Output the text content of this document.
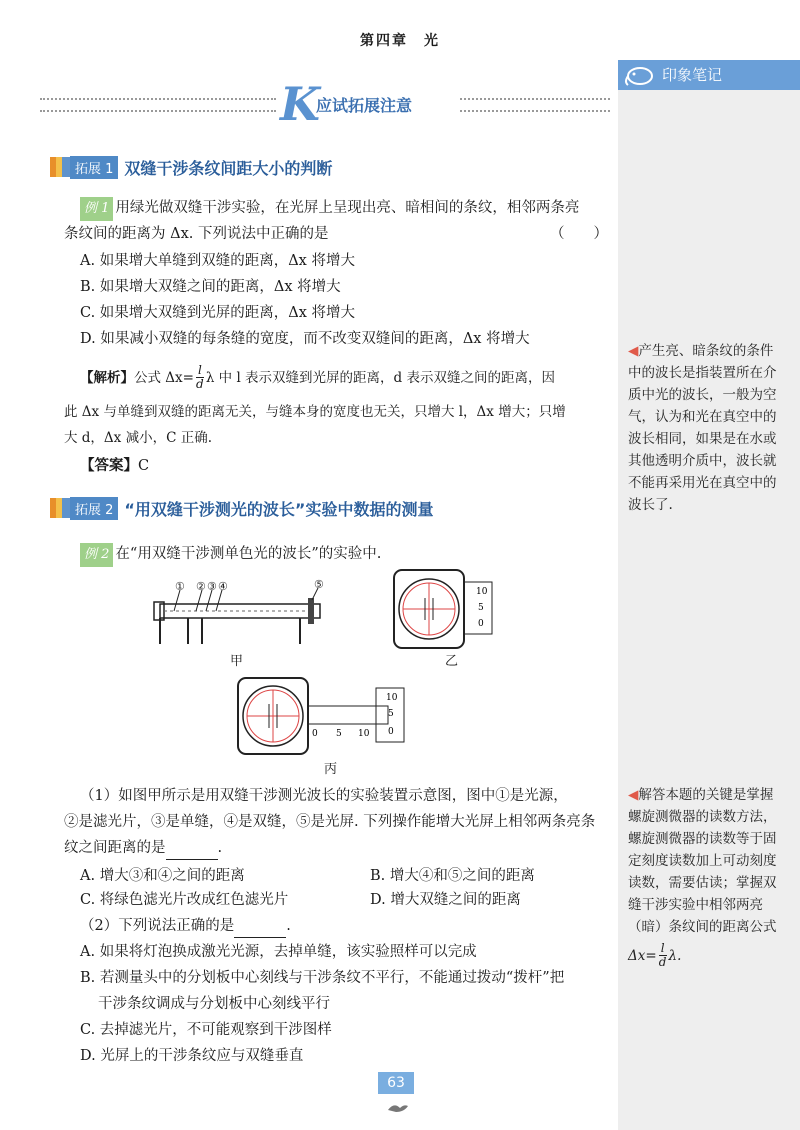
第四章　光
印象笔记
◀产生亮、暗条纹的条件中的波长是指装置所在介质中光的波长，一般为空气，认为和光在真空中的波长相同，如果是在水或其他透明介质中，波长就不能再采用光在真空中的波长了.
◀解答本题的关键是掌握螺旋测微器的读数方法，螺旋测微器的读数等于固定刻度读数加上可动刻度读数，需要估读；掌握双缝干涉实验中相邻两亮（暗）条纹间的距离公式
$\Delta x= \frac{l}{d} \lambda$.
K
应试拓展注意
拓展 1 双缝干涉条纹间距大小的判断
例 1 用绿光做双缝干涉实验，在光屏上呈现出亮、暗相间的条纹，相邻两条亮
条纹间的距离为 Δx. 下列说法中正确的是	（　　）
A. 如果增大单缝到双缝的距离，Δx 将增大
B. 如果增大双缝之间的距离，Δx 将增大
C. 如果增大双缝到光屏的距离，Δx 将增大
D. 如果减小双缝的每条缝的宽度，而不改变双缝间的距离，Δx 将增大
【解析】 公式 $\Delta x= \frac{l}{d}$ λ 中 l 表示双缝到光屏的距离，d 表示双缝之间的距离，因
此 Δx 与单缝到双缝的距离无关，与缝本身的宽度也无关，只增大 l，Δx 增大；只增
大 d，Δx 减小，C 正确.
【答案】C
拓展 2 “用双缝干涉测光的波长”实验中数据的测量
例 2 在“用双缝干涉测单色光的波长”的实验中.
① ② ③ ④	⑤
甲
10
5
0
乙
10
5
0
0 5 10
丙
（1）如图甲所示是用双缝干涉测光波长的实验装置示意图，图中①是光源，
②是滤光片，③是单缝，④是双缝，⑤是光屏. 下列操作能增大光屏上相邻两条亮条
纹之间距离的是	.
A. 增大③和④之间的距离	B. 增大④和⑤之间的距离
C. 将绿色滤光片改成红色滤光片	D. 增大双缝之间的距离
（2）下列说法正确的是	.
A. 如果将灯泡换成激光光源，去掉单缝，该实验照样可以完成
B. 若测量头中的分划板中心刻线与干涉条纹不平行，不能通过拨动“拨杆”把
干涉条纹调成与分划板中心刻线平行
C. 去掉滤光片，不可能观察到干涉图样
D. 光屏上的干涉条纹应与双缝垂直
63
